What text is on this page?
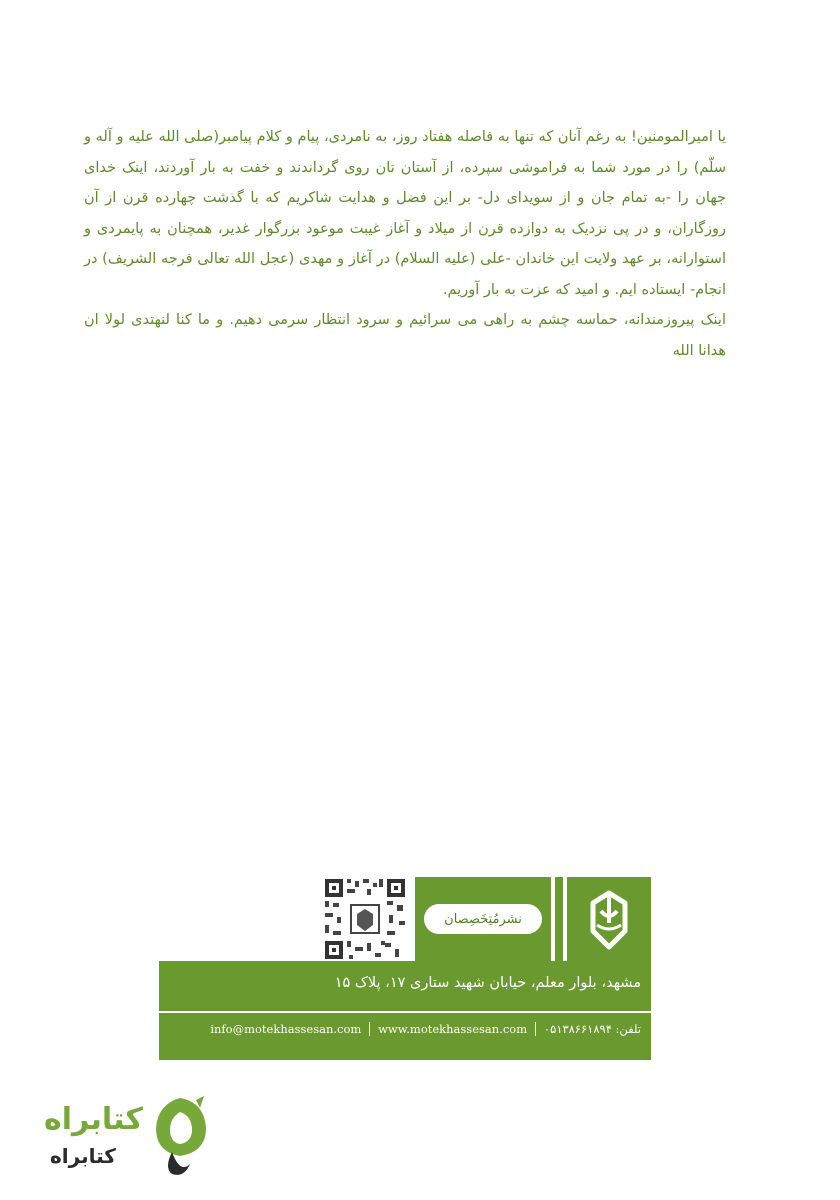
یا امیرالمومنین! به رغم آنان که تنها به فاصله هفتاد روز، به نامردی، پیام و کلام پیامبر(صلی الله علیه و آله و سلّم) را در مورد شما به فراموشی سپرده، از آستان تان روی گرداندند و خفت به بار آوردند، اینک خدای جهان را -به تمام جان و از سویدای دل- بر این فضل و هدایت شاکریم که با گذشت چهارده قرن از آن روزگاران، و در پی نزدیک به دوازده قرن از میلاد و آغاز غیبت موعود بزرگوار غدیر، همچنان به پایمردی و استوارانه، بر عهد ولایت این خاندان -علی (علیه السلام) در آغاز و مهدی (عجل الله تعالی فرجه الشریف) در انجام- ایستاده ایم. و امید که عزت به بار آوریم.

اینک پیروزمندانه، حماسه چشم به راهی می سرائیم و سرود انتظار سرمی دهیم. و ما کنا لنهتدی لولا ان هدانا الله

نشرمُتِخَصِصان
مشهد، بلوار معلم، خیابان شهید ستاری ۱۷، پلاک ۱۵
تلفن: ۰۵۱۳۸۶۶۱۸۹۴  info@motekhassesan.com www.motekhassesan.com
کتابراه
کتابراه
